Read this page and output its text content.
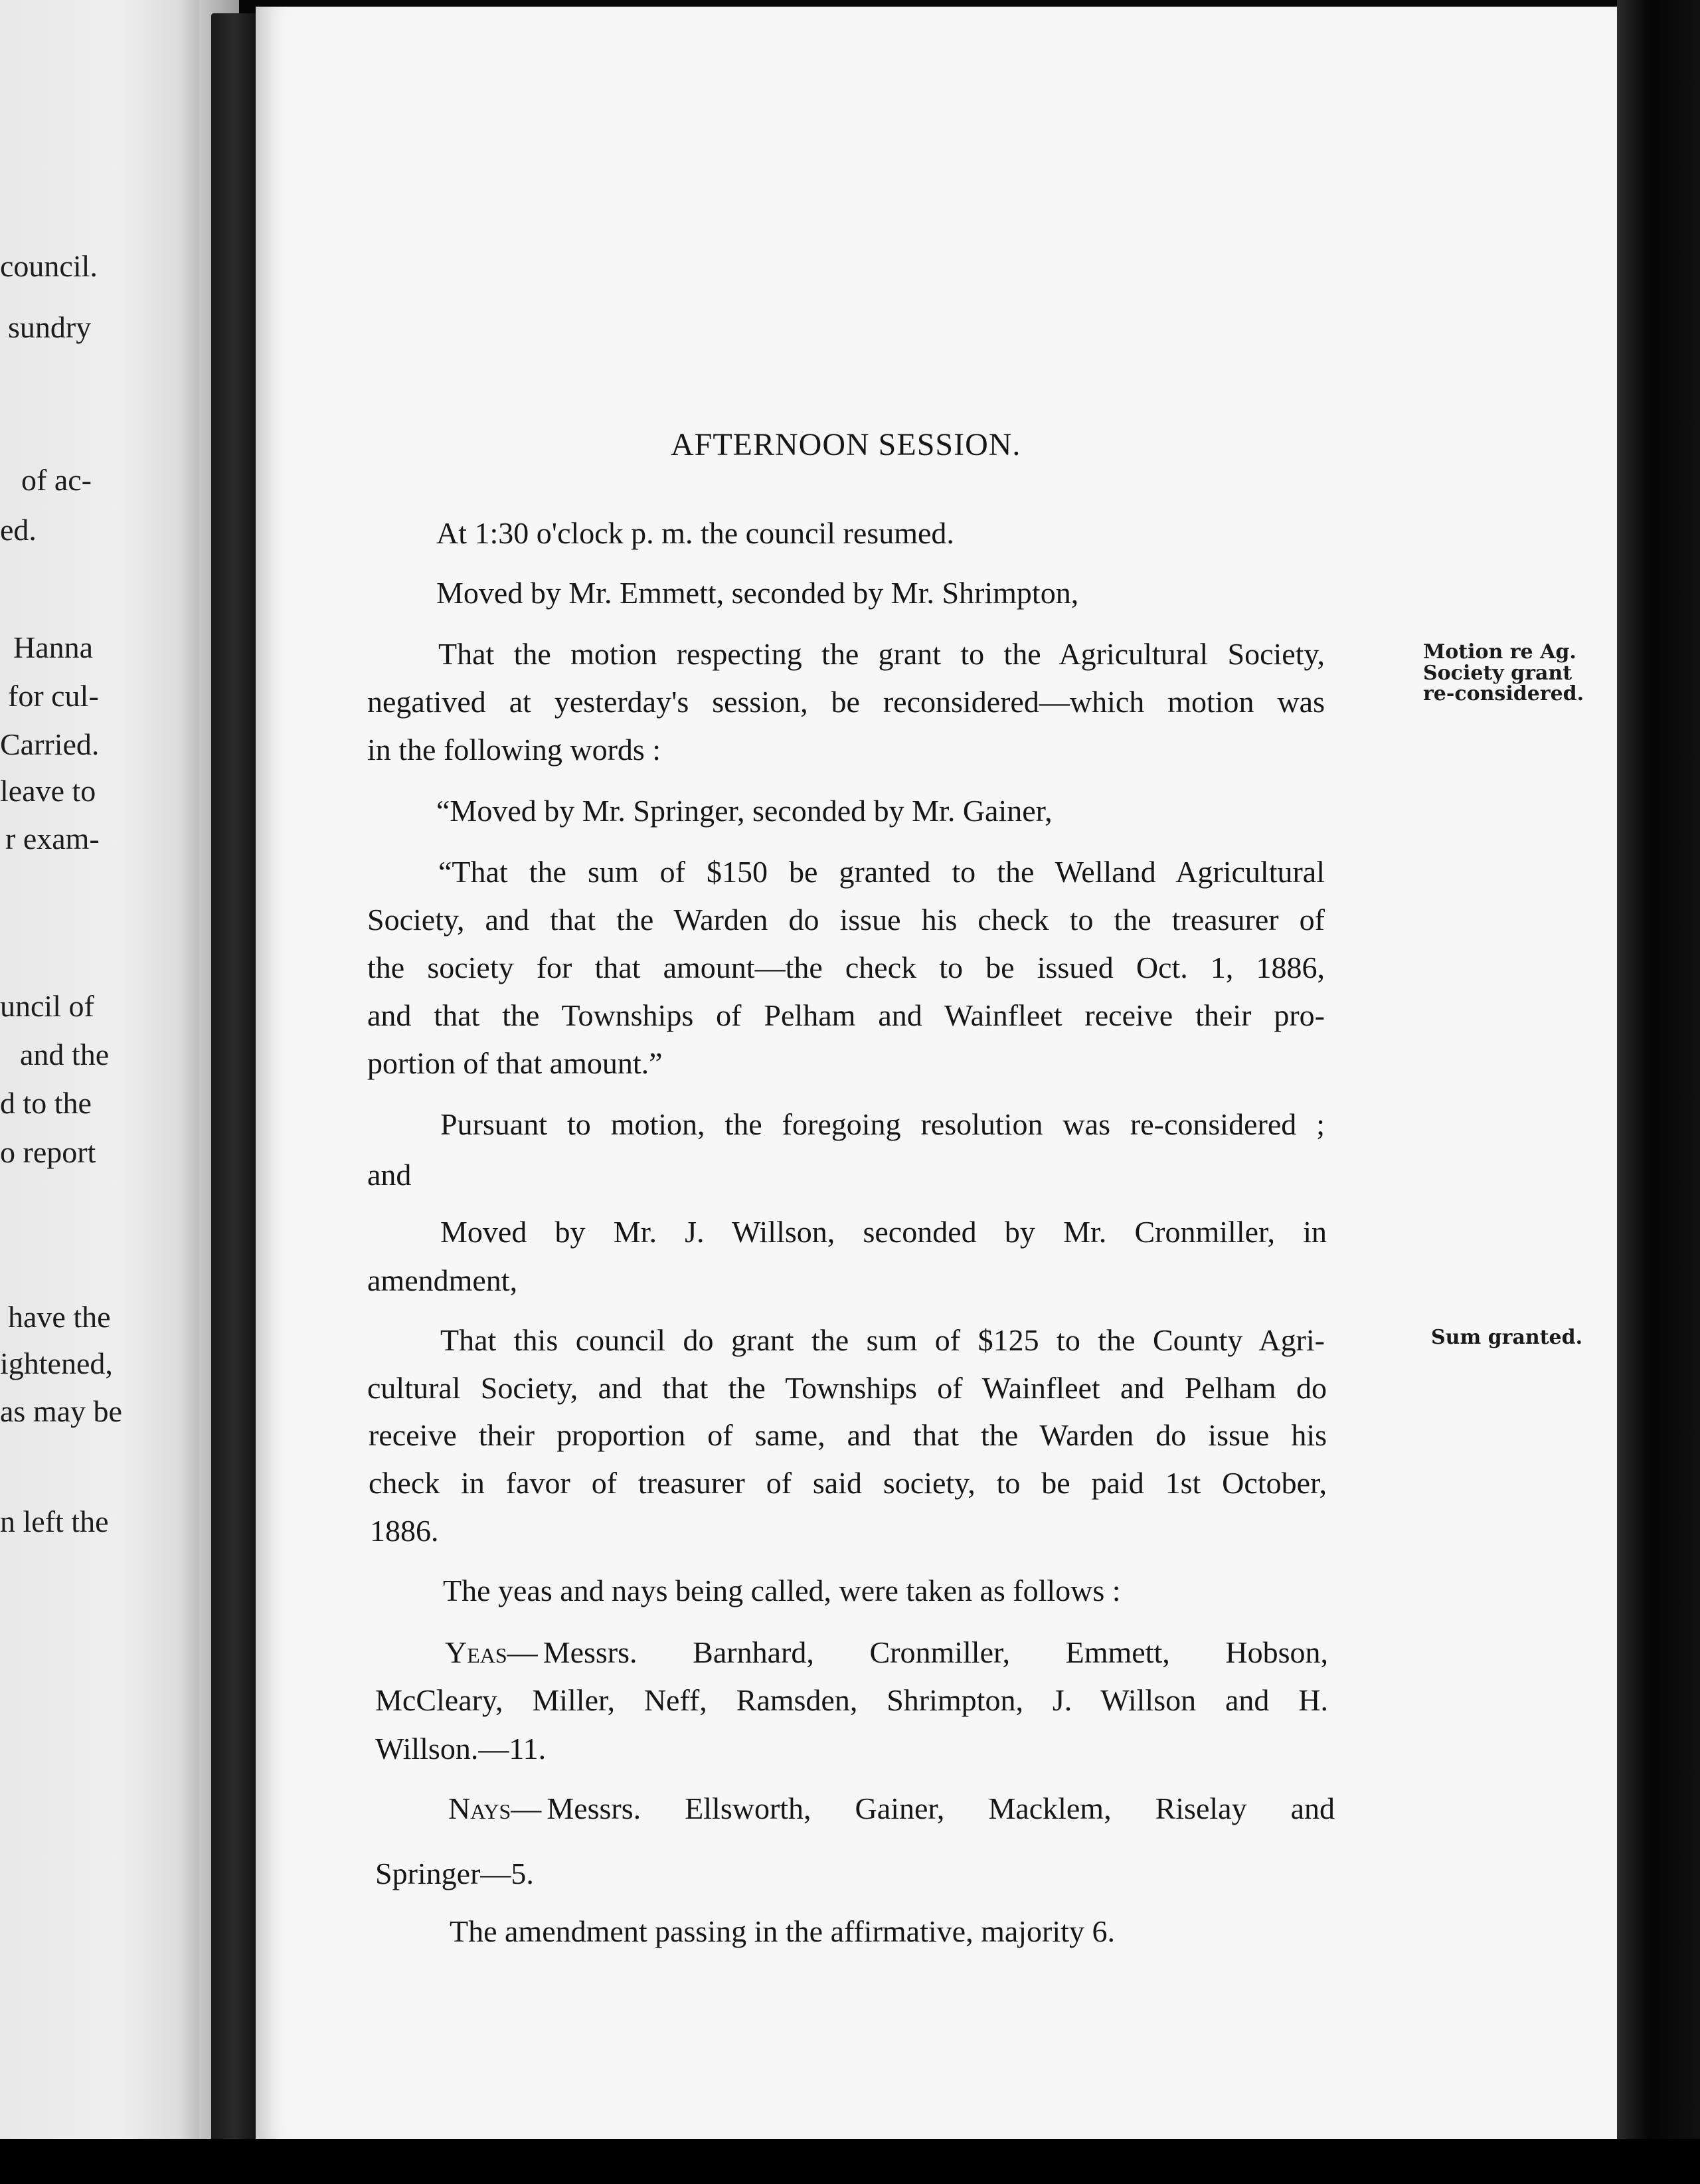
council.
sundry
of ac-
ed.
Hanna
for cul-
Carried.
leave to
r exam-
uncil of
and the
d to the
o report
have the
ightened,
as may be
n left the
AFTERNOON SESSION.
At 1:30 o'clock p. m. the council resumed.
Moved by Mr. Emmett, seconded by Mr. Shrimpton,
That the motion respecting the grant to the Agricultural Society,
negatived at yesterday's session, be reconsidered—which motion was
in the following words :
“Moved by Mr. Springer, seconded by Mr. Gainer,
“That the sum of $150 be granted to the Welland Agricultural
Society, and that the Warden do issue his check to the treasurer of
the society for that amount—the check to be issued Oct. 1, 1886,
and that the Townships of Pelham and Wainfleet receive their pro-
portion of that amount.”
Pursuant to motion, the foregoing resolution was re-considered ;
and
Moved by Mr. J. Willson, seconded by Mr. Cronmiller, in
amendment,
That this council do grant the sum of $125 to the County Agri-
cultural Society, and that the Townships of Wainfleet and Pelham do
receive their proportion of same, and that the Warden do issue his
check in favor of treasurer of said society, to be paid 1st October,
1886.
The yeas and nays being called, were taken as follows :
Yeas— Messrs. Barnhard, Cronmiller, Emmett, Hobson,
McCleary, Miller, Neff, Ramsden, Shrimpton, J. Willson and H.
Willson.—11.
Nays— Messrs. Ellsworth, Gainer, Macklem, Riselay and
Springer—5.
The amendment passing in the affirmative, majority 6.
Motion re Ag.
Society grant
re-considered.
Sum granted.
